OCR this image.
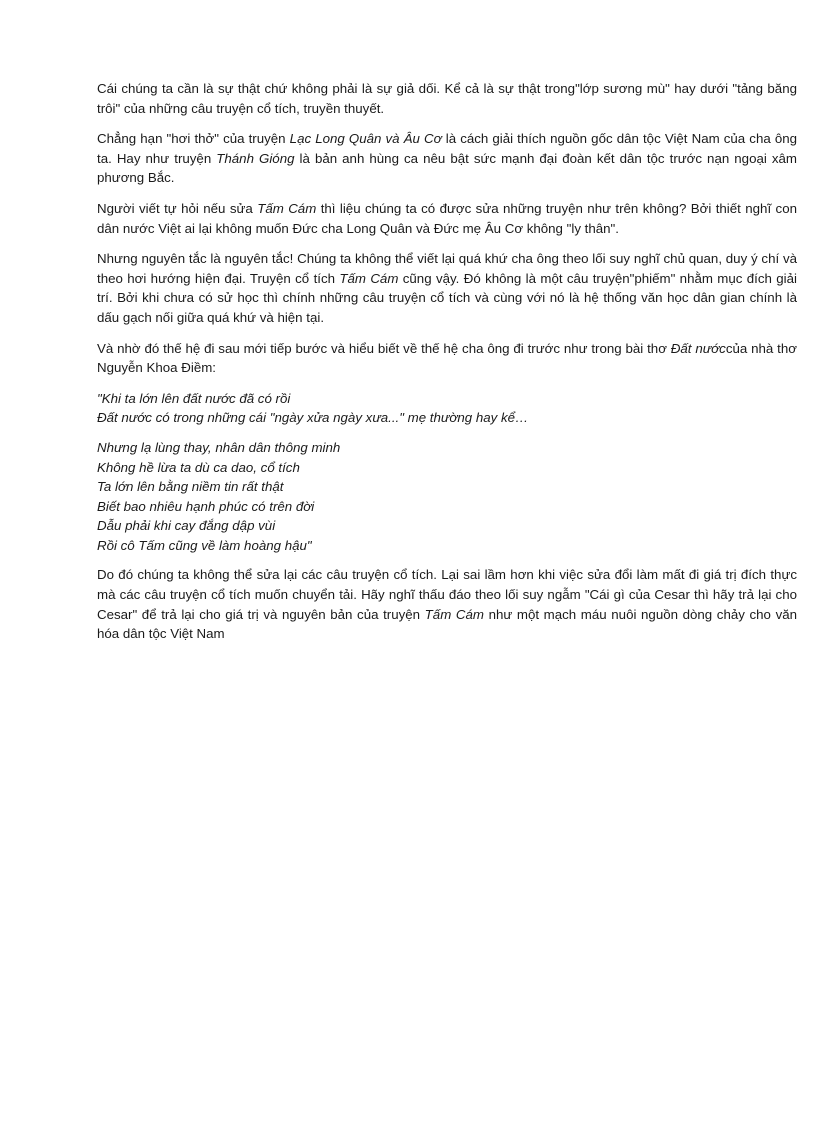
Cái chúng ta cần là sự thật chứ không phải là sự giả dối. Kể cả là sự thật trong"lớp sương mù" hay dưới "tảng băng trôi" của những câu truyện cổ tích, truyền thuyết.

Chẳng hạn "hơi thở" của truyện Lạc Long Quân và Âu Cơ là cách giải thích nguồn gốc dân tộc Việt Nam của cha ông ta. Hay như truyện Thánh Gióng là bản anh hùng ca nêu bật sức mạnh đại đoàn kết dân tộc trước nạn ngoại xâm phương Bắc.

Người viết tự hỏi nếu sửa Tấm Cám thì liệu chúng ta có được sửa những truyện như trên không? Bởi thiết nghĩ con dân nước Việt ai lại không muốn Đức cha Long Quân và Đức mẹ Âu Cơ không "ly thân".

Nhưng nguyên tắc là nguyên tắc! Chúng ta không thể viết lại quá khứ cha ông theo lối suy nghĩ chủ quan, duy ý chí và theo hơi hướng hiện đại. Truyện cổ tích Tấm Cám cũng vậy. Đó không là một câu truyện"phiếm" nhằm mục đích giải trí. Bởi khi chưa có sử học thì chính những câu truyện cổ tích và cùng với nó là hệ thống văn học dân gian chính là dấu gạch nối giữa quá khứ và hiện tại.

Và nhờ đó thế hệ đi sau mới tiếp bước và hiểu biết về thế hệ cha ông đi trước như trong bài thơ Đất nướccủa nhà thơ Nguyễn Khoa Điềm:

"Khi ta lớn lên đất nước đã có rồi
Đất nước có trong những cái "ngày xửa ngày xưa..." mẹ thường hay kể…
Nhưng lạ lùng thay, nhân dân thông minh
Không hề lừa ta dù ca dao, cổ tích
Ta lớn lên bằng niềm tin rất thật
Biết bao nhiêu hạnh phúc có trên đời
Dẫu phải khi cay đắng dập vùi
Rồi cô Tấm cũng về làm hoàng hậu"

Do đó chúng ta không thể sửa lại các câu truyện cổ tích. Lại sai lầm hơn khi việc sửa đổi làm mất đi giá trị đích thực mà các câu truyện cổ tích muốn chuyển tải. Hãy nghĩ thấu đáo theo lối suy ngẫm "Cái gì của Cesar thì hãy trả lại cho Cesar" để trả lại cho giá trị và nguyên bản của truyện Tấm Cám như một mạch máu nuôi nguồn dòng chảy cho văn hóa dân tộc Việt Nam
